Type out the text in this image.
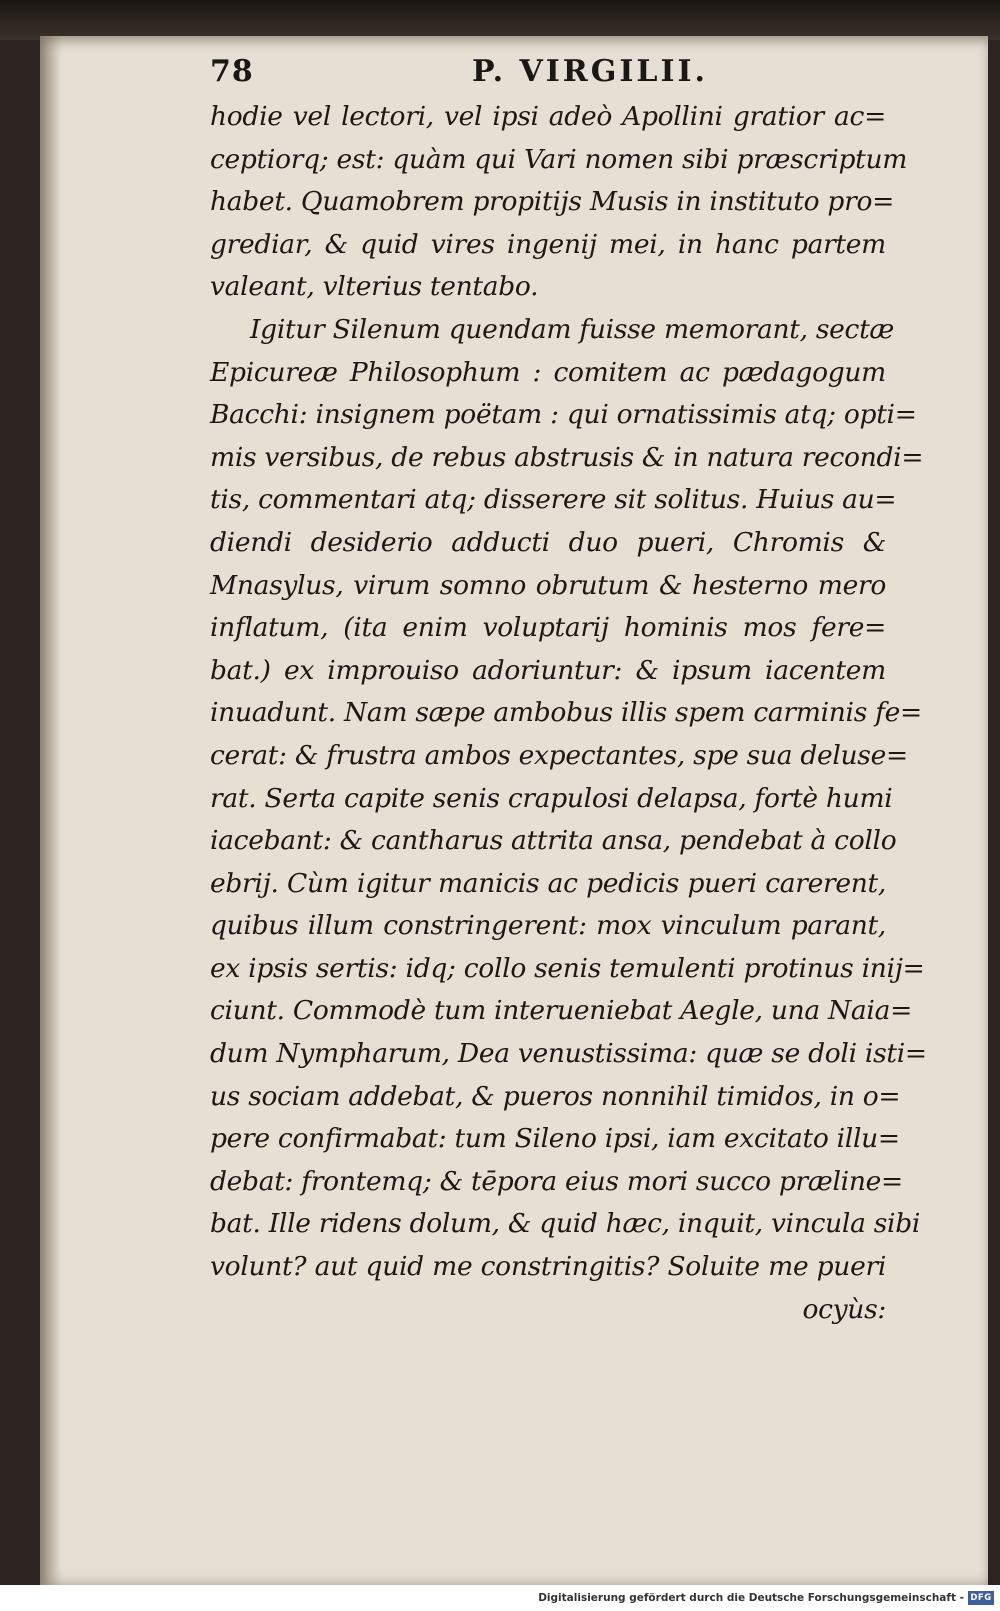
78	P. VIRGILII.
hodie vel lectori, vel ipsi adeò Apollini gratior ac=
ceptiorq; est: quàm qui Vari nomen sibi præscriptum
habet. Quamobrem propitijs Musis in instituto pro=
grediar, & quid vires ingenij mei, in hanc partem
valeant, vlterius tentabo.
Igitur Silenum quendam fuisse memorant, sectæ
Epicureæ Philosophum : comitem ac pædagogum
Bacchi: insignem poëtam : qui ornatissimis atq; opti=
mis versibus, de rebus abstrusis & in natura recondi=
tis, commentari atq; disserere sit solitus. Huius au=
diendi desiderio adducti duo pueri, Chromis &
Mnasylus, virum somno obrutum & hesterno mero
inflatum, (ita enim voluptarij hominis mos fere=
bat.) ex improuiso adoriuntur: & ipsum iacentem
inuadunt. Nam sæpe ambobus illis spem carminis fe=
cerat: & frustra ambos expectantes, spe sua deluse=
rat. Serta capite senis crapulosi delapsa, fortè humi
iacebant: & cantharus attrita ansa, pendebat à collo
ebrij. Cùm igitur manicis ac pedicis pueri carerent,
quibus illum constringerent: mox vinculum parant,
ex ipsis sertis: idq; collo senis temulenti protinus inij=
ciunt. Commodè tum interueniebat Aegle, una Naia=
dum Nympharum, Dea venustissima: quæ se doli isti=
us sociam addebat, & pueros nonnihil timidos, in o=
pere confirmabat: tum Sileno ipsi, iam excitato illu=
debat: frontemq; & tēpora eius mori succo præline=
bat. Ille ridens dolum, & quid hæc, inquit, vincula sibi
volunt? aut quid me constringitis? Soluite me pueri
ocyùs:
Digitalisierung gefördert durch die Deutsche Forschungsgemeinschaft - DFG
